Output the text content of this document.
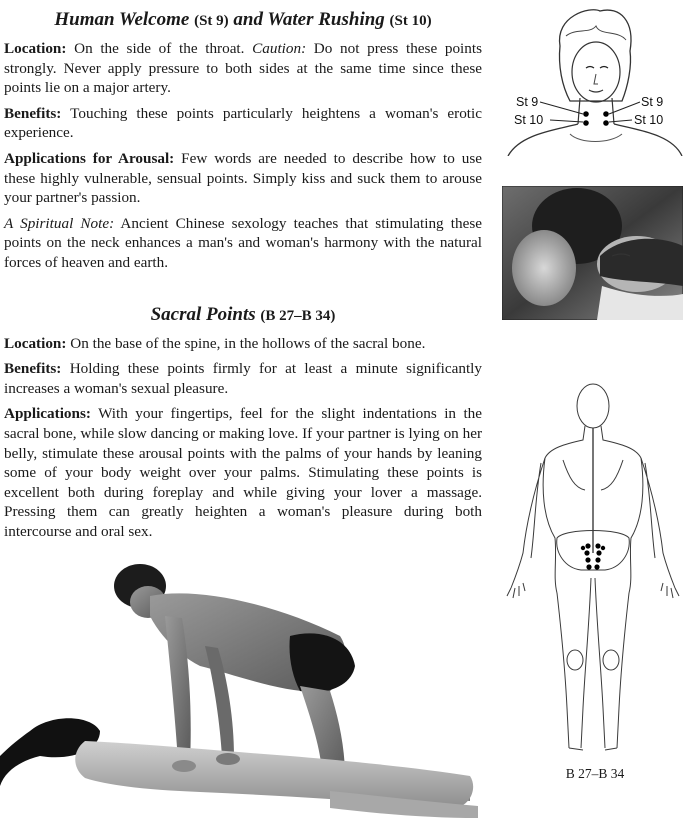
Human Welcome (St 9) and Water Rushing (St 10)

Location: On the side of the throat. Caution: Do not press these points strongly. Never apply pressure to both sides at the same time since these points lie on a major artery.

Benefits: Touching these points particularly heightens a woman's erotic experience.

Applications for Arousal: Few words are needed to describe how to use these highly vulnerable, sensual points. Simply kiss and suck them to arouse your partner's passion.

A Spiritual Note: Ancient Chinese sexology teaches that stimulating these points on the neck enhances a man's and woman's harmony with the natural forces of heaven and earth.

Sacral Points (B 27–B 34)

Location: On the base of the spine, in the hollows of the sacral bone.

Benefits: Holding these points firmly for at least a minute significantly increases a woman's sexual pleasure.

Applications: With your fingertips, feel for the slight indentations in the sacral bone, while slow dancing or making love. If your partner is lying on her belly, stimulate these arousal points with the palms of your hands by leaning some of your body weight over your palms. Stimulating these points is excellent both during foreplay and while giving your lover a massage. Pressing them can greatly heighten a woman's pleasure during both intercourse and oral sex.

St 9
St 10
St 9
St 10
B 27–B 34
